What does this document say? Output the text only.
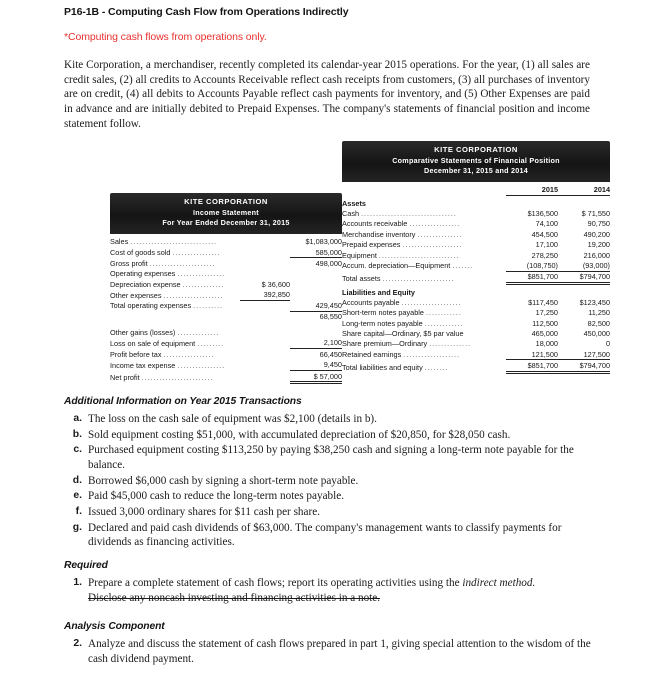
P16-1B - Computing Cash Flow from Operations Indirectly
*Computing cash flows from operations only.
Kite Corporation, a merchandiser, recently completed its calendar-year 2015 operations. For the year, (1) all sales are credit sales, (2) all credits to Accounts Receivable reflect cash receipts from customers, (3) all purchases of inventory are on credit, (4) all debits to Accounts Payable reflect cash payments for inventory, and (5) Other Expenses are paid in advance and are initially debited to Prepaid Expenses. The company's statements of financial position and income statement follow.
KITE CORPORATION
Income Statement
For Year Ended December 31, 2015
Sales .............................		$1,083,000
Cost of goods sold ................		585,000
Gross profit ......................		498,000
Operating expenses ................		
Depreciation expense ..............	$ 36,600	
Other expenses ....................	392,850	
Total operating expenses ..........		429,450
		68,550
Other gains (losses) ..............		
Loss on sale of equipment .........		2,100
Profit before tax .................		66,450
Income tax expense ................		9,450
Net profit ........................		$ 57,000
KITE CORPORATION
Comparative Statements of Financial Position
December 31, 2015 and 2014
	2015	2014
Assets		
Cash ................................	$136,500	$ 71,550
Accounts receivable .................	74,100	90,750
Merchandise inventory ...............	454,500	490,200
Prepaid expenses ....................	17,100	19,200
Equipment ...........................	278,250	216,000
Accum. depreciation—Equipment .......	(108,750)	(93,000)
Total assets ........................	$851,700	$794,700
Liabilities and Equity		
Accounts payable ....................	$117,450	$123,450
Short-term notes payable ............	17,250	11,250
Long-term notes payable .............	112,500	82,500
Share capital—Ordinary, $5 par value	465,000	450,000
Share premium—Ordinary ..............	18,000	0
Retained earnings ...................	121,500	127,500
Total liabilities and equity ........	$851,700	$794,700
Additional Information on Year 2015 Transactions
a. The loss on the cash sale of equipment was $2,100 (details in b).
b. Sold equipment costing $51,000, with accumulated depreciation of $20,850, for $28,050 cash.
c. Purchased equipment costing $113,250 by paying $38,250 cash and signing a long-term note payable for the balance.
d. Borrowed $6,000 cash by signing a short-term note payable.
e. Paid $45,000 cash to reduce the long-term notes payable.
f. Issued 3,000 ordinary shares for $11 cash per share.
g. Declared and paid cash dividends of $63,000. The company's management wants to classify payments for dividends as financing activities.
Required
1. Prepare a complete statement of cash flows; report its operating activities using the indirect method.
Disclose any noncash investing and financing activities in a note.
Analysis Component
2. Analyze and discuss the statement of cash flows prepared in part 1, giving special attention to the wisdom of the cash dividend payment.
